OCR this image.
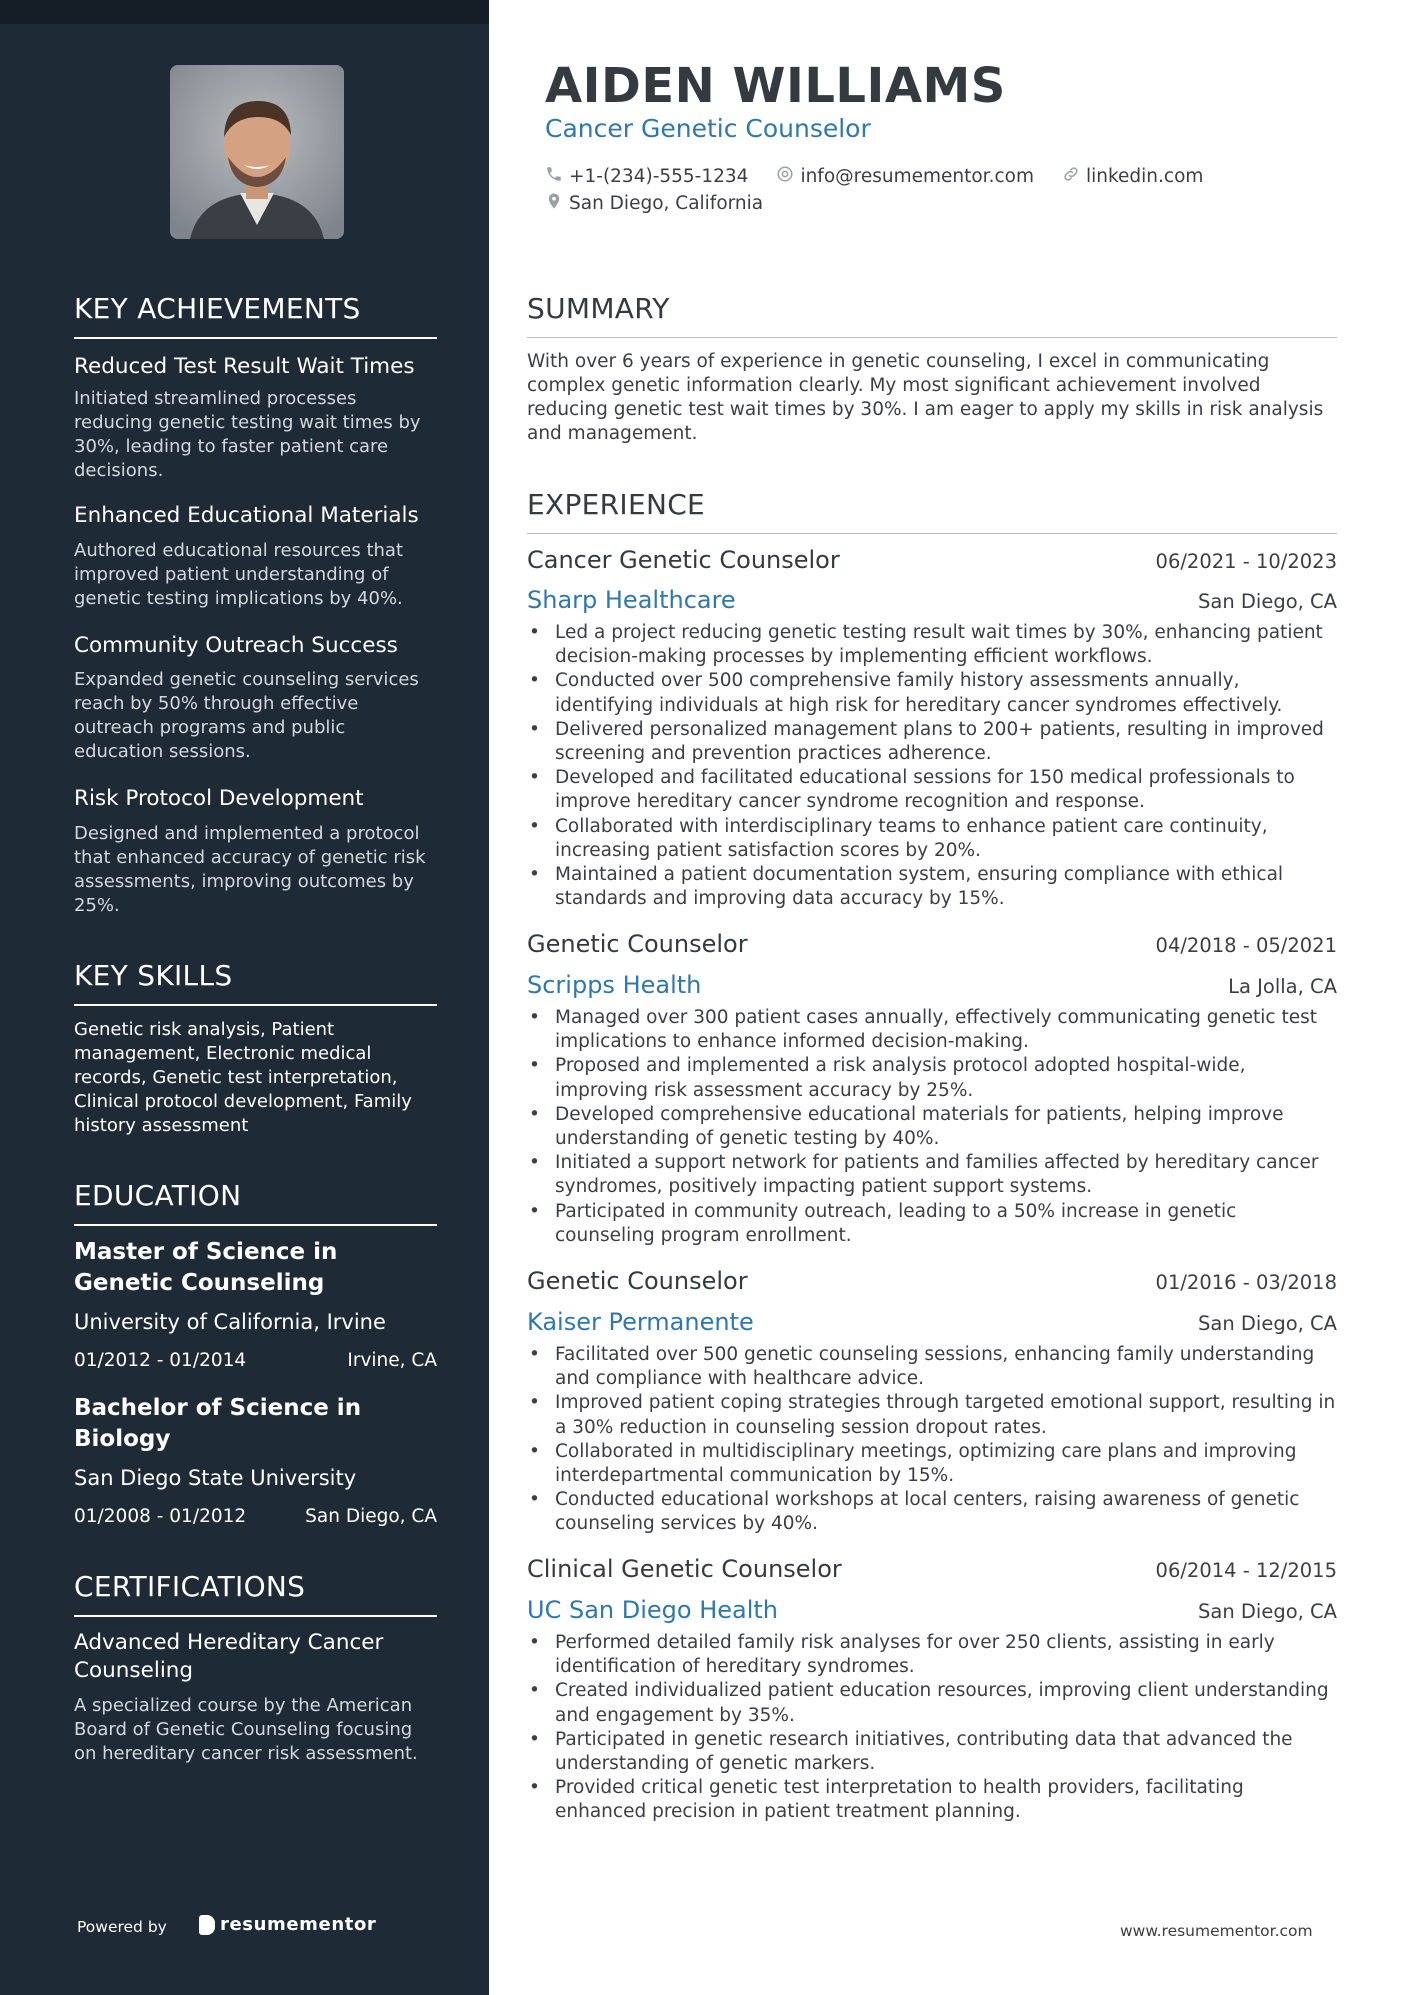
KEY ACHIEVEMENTS
Reduced Test Result Wait Times
Initiated streamlined processes reducing genetic testing wait times by 30%, leading to faster patient care decisions.
Enhanced Educational Materials
Authored educational resources that improved patient understanding of genetic testing implications by 40%.
Community Outreach Success
Expanded genetic counseling services reach by 50% through effective outreach programs and public education sessions.
Risk Protocol Development
Designed and implemented a protocol that enhanced accuracy of genetic risk assessments, improving outcomes by 25%.
KEY SKILLS
Genetic risk analysis, Patient management, Electronic medical records, Genetic test interpretation, Clinical protocol development, Family history assessment
EDUCATION
Master of Science in Genetic Counseling
University of California, Irvine
01/2012 - 01/2014	Irvine, CA
Bachelor of Science in Biology
San Diego State University
01/2008 - 01/2012	San Diego, CA
CERTIFICATIONS
Advanced Hereditary Cancer Counseling
A specialized course by the American Board of Genetic Counseling focusing on hereditary cancer risk assessment.
Powered by	resumementor
AIDEN WILLIAMS
Cancer Genetic Counselor
+1-(234)-555-1234	info@resumementor.com	linkedin.com
San Diego, California
SUMMARY
With over 6 years of experience in genetic counseling, I excel in communicating complex genetic information clearly. My most significant achievement involved reducing genetic test wait times by 30%. I am eager to apply my skills in risk analysis and management.
EXPERIENCE
Cancer Genetic Counselor	06/2021 - 10/2023
Sharp Healthcare	San Diego, CA
• Led a project reducing genetic testing result wait times by 30%, enhancing patient decision-making processes by implementing efficient workflows.
• Conducted over 500 comprehensive family history assessments annually, identifying individuals at high risk for hereditary cancer syndromes effectively.
• Delivered personalized management plans to 200+ patients, resulting in improved screening and prevention practices adherence.
• Developed and facilitated educational sessions for 150 medical professionals to improve hereditary cancer syndrome recognition and response.
• Collaborated with interdisciplinary teams to enhance patient care continuity, increasing patient satisfaction scores by 20%.
• Maintained a patient documentation system, ensuring compliance with ethical standards and improving data accuracy by 15%.
Genetic Counselor	04/2018 - 05/2021
Scripps Health	La Jolla, CA
• Managed over 300 patient cases annually, effectively communicating genetic test implications to enhance informed decision-making.
• Proposed and implemented a risk analysis protocol adopted hospital-wide, improving risk assessment accuracy by 25%.
• Developed comprehensive educational materials for patients, helping improve understanding of genetic testing by 40%.
• Initiated a support network for patients and families affected by hereditary cancer syndromes, positively impacting patient support systems.
• Participated in community outreach, leading to a 50% increase in genetic counseling program enrollment.
Genetic Counselor	01/2016 - 03/2018
Kaiser Permanente	San Diego, CA
• Facilitated over 500 genetic counseling sessions, enhancing family understanding and compliance with healthcare advice.
• Improved patient coping strategies through targeted emotional support, resulting in a 30% reduction in counseling session dropout rates.
• Collaborated in multidisciplinary meetings, optimizing care plans and improving interdepartmental communication by 15%.
• Conducted educational workshops at local centers, raising awareness of genetic counseling services by 40%.
Clinical Genetic Counselor	06/2014 - 12/2015
UC San Diego Health	San Diego, CA
• Performed detailed family risk analyses for over 250 clients, assisting in early identification of hereditary syndromes.
• Created individualized patient education resources, improving client understanding and engagement by 35%.
• Participated in genetic research initiatives, contributing data that advanced the understanding of genetic markers.
• Provided critical genetic test interpretation to health providers, facilitating enhanced precision in patient treatment planning.
www.resumementor.com
